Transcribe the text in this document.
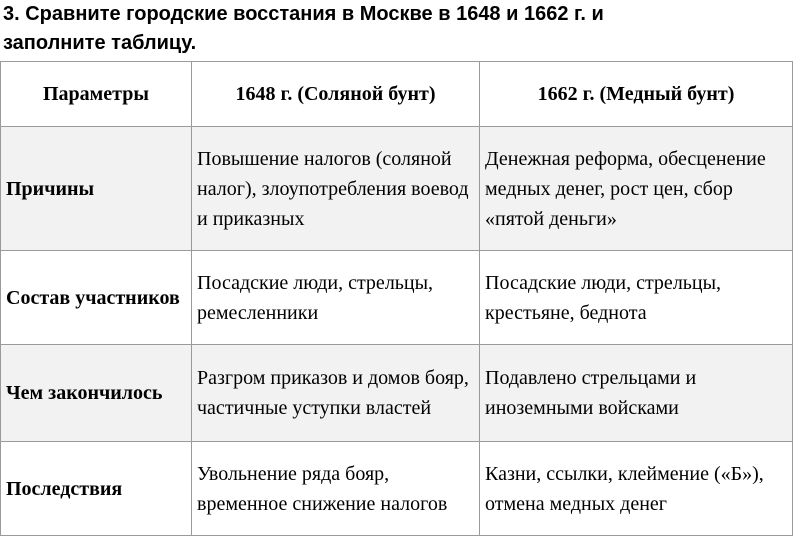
3. Сравните городские восстания в Москве в 1648 и 1662 г. и
заполните таблицу.
Параметры	1648 г. (Соляной бунт)	1662 г. (Медный бунт)
Причины	Повышение налогов (соляной налог), злоупотребления воевод и приказных	Денежная реформа, обесценение медных денег, рост цен, сбор «пятой деньги»
Состав участников	Посадские люди, стрельцы, ремесленники	Посадские люди, стрельцы, крестьяне, беднота
Чем закончилось	Разгром приказов и домов бояр, частичные уступки властей	Подавлено стрельцами и иноземными войсками
Последствия	Увольнение ряда бояр, временное снижение налогов	Казни, ссылки, клеймение («Б»), отмена медных денег
